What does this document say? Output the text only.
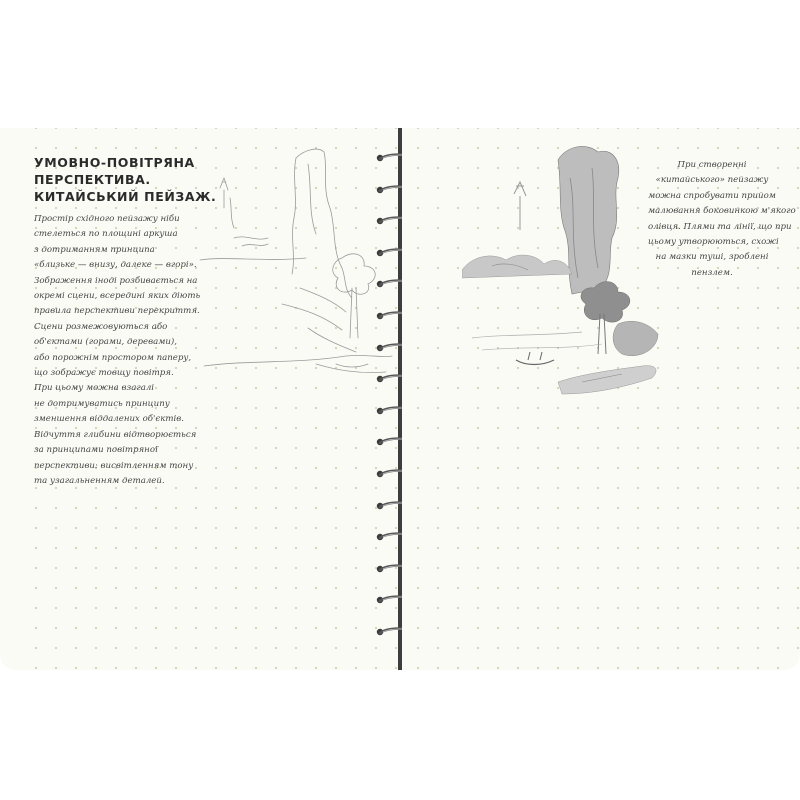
УМОВНО-ПОВІТРЯНА
ПЕРСПЕКТИВА.
КИТАЙСЬКИЙ ПЕЙЗАЖ.

Простір східного пейзажу ніби
стелеться по площині аркуша
з дотриманням принципа
«близьке — внизу, далеке — вгорі».
Зображення іноді розбивається на
окремі сцени, всередині яких діють
правила перспективи перекриття.
Сцени розмежовуються або
об'єктами (горами, деревами),
або порожнім простором паперу,
що зображує товщу повітря.
При цьому можна взагалі
не дотримуватись принципу
зменшення віддалених об'єктів.
Відчуття глибини відтворюється
за принципами повітряної
перспективи: висвітленням тону
та узагальненням деталей.

При створенні
«китайського» пейзажу
можна спробувати прийом
малювання боковинкою м'якого
олівця. Плями та лінії, що при
цьому утворюються, схожі
на мазки туші, зроблені
пензлем.
